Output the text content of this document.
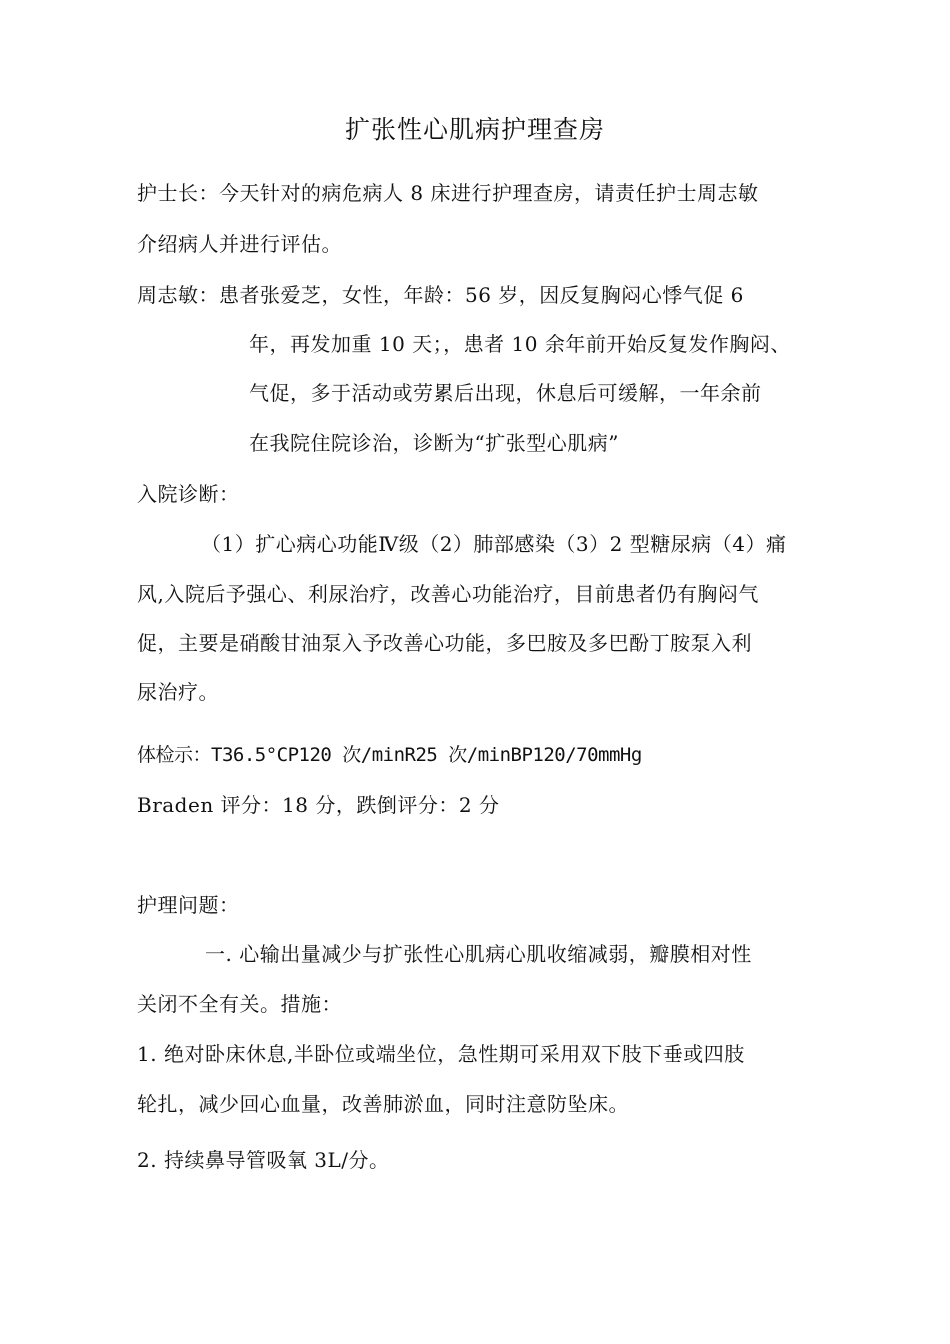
扩张性心肌病护理查房
护士长：今天针对的病危病人 8 床进行护理查房，请责任护士周志敏
介绍病人并进行评估。
周志敏：患者张爱芝，女性，年龄：56 岁，因反复胸闷心悸气促 6
年，再发加重 10 天；，患者 10 余年前开始反复发作胸闷、
气促，多于活动或劳累后出现，休息后可缓解，一年余前
在我院住院诊治，诊断为“扩张型心肌病”
入院诊断：
（1）扩心病心功能Ⅳ级（2）肺部感染（3）2 型糖尿病（4）痛
风,入院后予强心、利尿治疗，改善心功能治疗，目前患者仍有胸闷气
促，主要是硝酸甘油泵入予改善心功能，多巴胺及多巴酚丁胺泵入利
尿治疗。
体检示：T36.5°CP120 次/minR25 次/minBP120/70mmHg
Braden 评分：18 分，跌倒评分：2 分
护理问题：
一. 心输出量减少与扩张性心肌病心肌收缩减弱，瓣膜相对性
关闭不全有关。措施：
1. 绝对卧床休息,半卧位或端坐位，急性期可采用双下肢下垂或四肢
轮扎，减少回心血量，改善肺淤血，同时注意防坠床。
2. 持续鼻导管吸氧 3L/分。
